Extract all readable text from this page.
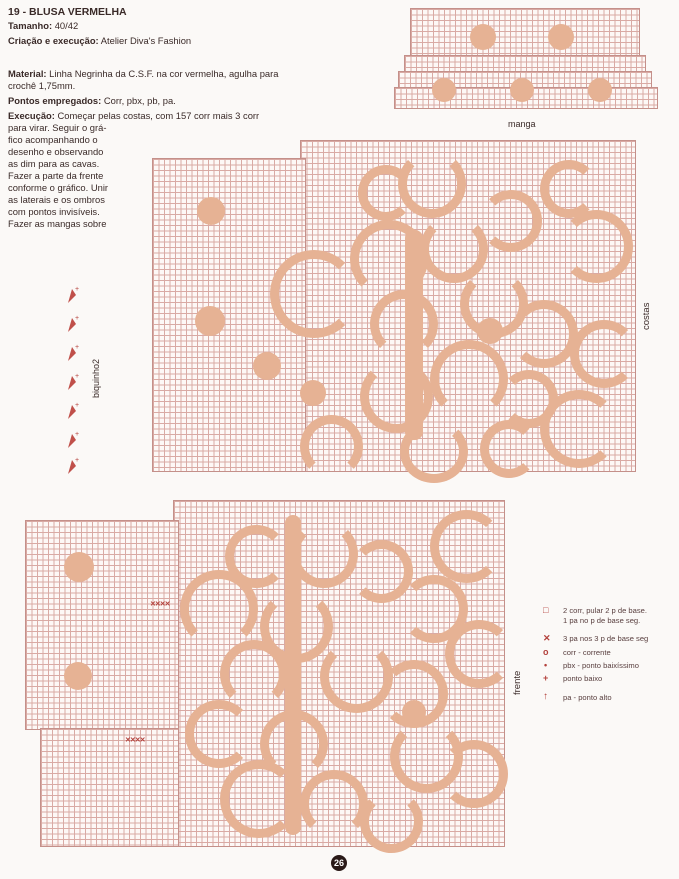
19 - BLUSA VERMELHA
Tamanho: 40/42
Criação e execução: Atelier Diva's Fashion
Material: Linha Negrinha da C.S.F. na cor vermelha, agulha para
crochê 1,75mm.
Pontos empregados: Corr, pbx, pb, pa.
Execução: Começar pelas costas, com 157 corr mais 3 corr
para virar. Seguir o grá-
fico acompanhando o
desenho e observando
as dim para as cavas.
Fazer a parte da frente
conforme o gráfico. Unir
as laterais e os ombros
com pontos invisíveis.
Fazer as mangas sobre
manga
costas
+
+
+
+
+
+
+
biquinho2
✕✕✕✕
✕✕✕✕
frente
□ 2 corr, pular 2 p de base.
1 pa no p de base seg.
✕ 3 pa nos 3 p de base seg
o corr - corrente
• pbx - ponto baixíssimo
+ ponto baixo
↑ pa - ponto alto
26
